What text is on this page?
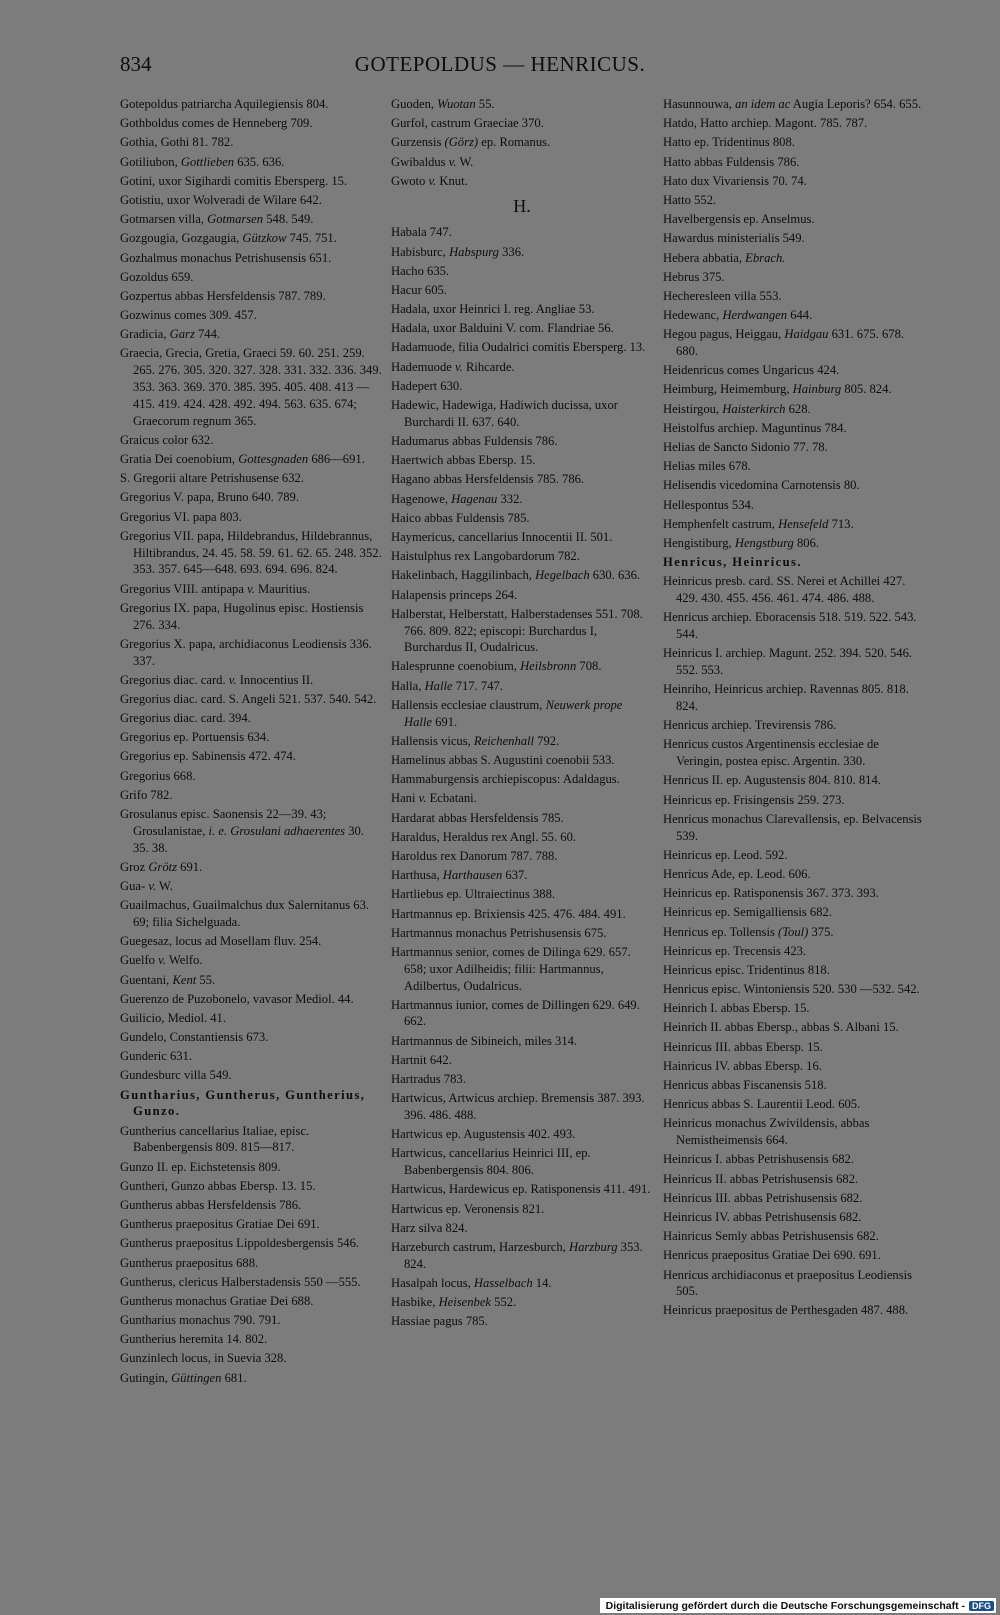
834	GOTEPOLDUS — HENRICUS.
Gotepoldus patriarcha Aquilegiensis 804.
Gothboldus comes de Henneberg 709.
Gothia, Gothi 81. 782.
Gotiliubon, Gottlieben 635. 636.
Gotini, uxor Sigihardi comitis Ebersperg. 15.
Gotistiu, uxor Wolveradi de Wilare 642.
Gotmarsen villa, Gotmarsen 548. 549.
Gozgougia, Gozgaugia, Gützkow 745. 751.
Gozhalmus monachus Petrishusensis 651.
Gozoldus 659.
Gozpertus abbas Hersfeldensis 787. 789.
Gozwinus comes 309. 457.
Gradicia, Garz 744.
Graecia, Grecia, Gretia, Graeci 59. 60. 251. 259. 265. 276. 305. 320. 327. 328. 331. 332. 336. 349. 353. 363. 369. 370. 385. 395. 405. 408. 413 —415. 419. 424. 428. 492. 494. 563. 635. 674; Graecorum regnum 365.
Graicus color 632.
Gratia Dei coenobium, Gottesgnaden 686—691.
S. Gregorii altare Petrishusense 632.
Gregorius V. papa, Bruno 640. 789.
Gregorius VI. papa 803.
Gregorius VII. papa, Hildebrandus, Hildebrannus, Hiltibrandus, 24. 45. 58. 59. 61. 62. 65. 248. 352. 353. 357. 645—648. 693. 694. 696. 824.
Gregorius VIII. antipapa v. Mauritius.
Gregorius IX. papa, Hugolinus episc. Hostiensis 276. 334.
Gregorius X. papa, archidiaconus Leodiensis 336. 337.
Gregorius diac. card. v. Innocentius II.
Gregorius diac. card. S. Angeli 521. 537. 540. 542.
Gregorius diac. card. 394.
Gregorius ep. Portuensis 634.
Gregorius ep. Sabinensis 472. 474.
Gregorius 668.
Grifo 782.
Grosulanus episc. Saonensis 22—39. 43; Grosulanistae, i. e. Grosulani adhaerentes 30. 35. 38.
Groz Grötz 691.
Gua- v. W.
Guailmachus, Guailmalchus dux Salernitanus 63. 69; filia Sichelguada.
Guegesaz, locus ad Mosellam fluv. 254.
Guelfo v. Welfo.
Guentani, Kent 55.
Guerenzo de Puzobonelo, vavasor Mediol. 44.
Guilicio, Mediol. 41.
Gundelo, Constantiensis 673.
Gunderic 631.
Gundesburc villa 549.
Guntharius, Guntherus, Guntherius, Gunzo.
Guntherius cancellarius Italiae, episc. Babenbergensis 809. 815—817.
Gunzo II. ep. Eichstetensis 809.
Guntheri, Gunzo abbas Ebersp. 13. 15.
Guntherus abbas Hersfeldensis 786.
Guntherus praepositus Gratiae Dei 691.
Guntherus praepositus Lippoldesbergensis 546.
Guntherus praepositus 688.
Guntherus, clericus Halberstadensis 550 —555.
Guntherus monachus Gratiae Dei 688.
Guntharius monachus 790. 791.
Guntherius heremita 14. 802.
Gunzinlech locus, in Suevia 328.
Gutingin, Güttingen 681.
Guoden, Wuotan 55.
Gurfol, castrum Graeciae 370.
Gurzensis (Görz) ep. Romanus.
Gwibaldus v. W.
Gwoto v. Knut.
H.
Habala 747.
Habisburc, Habspurg 336.
Hacho 635.
Hacur 605.
Hadala, uxor Heinrici I. reg. Angliae 53.
Hadala, uxor Balduini V. com. Flandriae 56.
Hadamuode, filia Oudalrici comitis Ebersperg. 13.
Hademuode v. Rihcarde.
Hadepert 630.
Hadewic, Hadewiga, Hadiwich ducissa, uxor Burchardi II. 637. 640.
Hadumarus abbas Fuldensis 786.
Haertwich abbas Ebersp. 15.
Hagano abbas Hersfeldensis 785. 786.
Hagenowe, Hagenau 332.
Haico abbas Fuldensis 785.
Haymericus, cancellarius Innocentii II. 501.
Haistulphus rex Langobardorum 782.
Hakelinbach, Haggilinbach, Hegelbach 630. 636.
Halapensis princeps 264.
Halberstat, Helberstatt, Halberstadenses 551. 708. 766. 809. 822; episcopi: Burchardus I, Burchardus II, Oudalricus.
Halesprunne coenobium, Heilsbronn 708.
Halla, Halle 717. 747.
Hallensis ecclesiae claustrum, Neuwerk prope Halle 691.
Hallensis vicus, Reichenhall 792.
Hamelinus abbas S. Augustini coenobii 533.
Hammaburgensis archiepiscopus: Adaldagus.
Hani v. Ecbatani.
Hardarat abbas Hersfeldensis 785.
Haraldus, Heraldus rex Angl. 55. 60.
Haroldus rex Danorum 787. 788.
Harthusa, Harthausen 637.
Hartliebus ep. Ultraiectinus 388.
Hartmannus ep. Brixiensis 425. 476. 484. 491.
Hartmannus monachus Petrishusensis 675.
Hartmannus senior, comes de Dilinga 629. 657. 658; uxor Adilheidis; filii: Hartmannus, Adilbertus, Oudalricus.
Hartmannus iunior, comes de Dillingen 629. 649. 662.
Hartmannus de Sibineich, miles 314.
Hartnit 642.
Hartradus 783.
Hartwicus, Artwicus archiep. Bremensis 387. 393. 396. 486. 488.
Hartwicus ep. Augustensis 402. 493.
Hartwicus, cancellarius Heinrici III, ep. Babenbergensis 804. 806.
Hartwicus, Hardewicus ep. Ratisponensis 411. 491.
Hartwicus ep. Veronensis 821.
Harz silva 824.
Harzeburch castrum, Harzesburch, Harzburg 353. 824.
Hasalpah locus, Hasselbach 14.
Hasbike, Heisenbek 552.
Hassiae pagus 785.
Hasunnouwa, an idem ac Augia Leporis? 654. 655.
Hatdo, Hatto archiep. Magont. 785. 787.
Hatto ep. Tridentinus 808.
Hatto abbas Fuldensis 786.
Hato dux Vivariensis 70. 74.
Hatto 552.
Havelbergensis ep. Anselmus.
Hawardus ministerialis 549.
Hebera abbatia, Ebrach.
Hebrus 375.
Hecheresleen villa 553.
Hedewanc, Herdwangen 644.
Hegou pagus, Heiggau, Haidgau 631. 675. 678. 680.
Heidenricus comes Ungaricus 424.
Heimburg, Heimemburg, Hainburg 805. 824.
Heistirgou, Haisterkirch 628.
Heistolfus archiep. Maguntinus 784.
Helias de Sancto Sidonio 77. 78.
Helias miles 678.
Helisendis vicedomina Carnotensis 80.
Hellespontus 534.
Hemphenfelt castrum, Hensefeld 713.
Hengistiburg, Hengstburg 806.
Henricus, Heinricus.
Heinricus presb. card. SS. Nerei et Achillei 427. 429. 430. 455. 456. 461. 474. 486. 488.
Henricus archiep. Eboracensis 518. 519. 522. 543. 544.
Heinricus I. archiep. Magunt. 252. 394. 520. 546. 552. 553.
Heinriho, Heinricus archiep. Ravennas 805. 818. 824.
Henricus archiep. Trevirensis 786.
Henricus custos Argentinensis ecclesiae de Veringin, postea episc. Argentin. 330.
Henricus II. ep. Augustensis 804. 810. 814.
Heinricus ep. Frisingensis 259. 273.
Henricus monachus Clarevallensis, ep. Belvacensis 539.
Heinricus ep. Leod. 592.
Henricus Ade, ep. Leod. 606.
Heinricus ep. Ratisponensis 367. 373. 393.
Heinricus ep. Semigalliensis 682.
Henricus ep. Tollensis (Toul) 375.
Heinricus ep. Trecensis 423.
Heinricus episc. Tridentinus 818.
Henricus episc. Wintoniensis 520. 530 —532. 542.
Heinrich I. abbas Ebersp. 15.
Heinrich II. abbas Ebersp., abbas S. Albani 15.
Heinricus III. abbas Ebersp. 15.
Hainricus IV. abbas Ebersp. 16.
Henricus abbas Fiscanensis 518.
Henricus abbas S. Laurentii Leod. 605.
Heinricus monachus Zwivildensis, abbas Nemistheimensis 664.
Heinricus I. abbas Petrishusensis 682.
Heinricus II. abbas Petrishusensis 682.
Heinricus III. abbas Petrishusensis 682.
Heinricus IV. abbas Petrishusensis 682.
Hainricus Semly abbas Petrishusensis 682.
Henricus praepositus Gratiae Dei 690. 691.
Henricus archidiaconus et praepositus Leodiensis 505.
Heinricus praepositus de Perthesgaden 487. 488.
Digitalisierung gefördert durch die Deutsche Forschungsgemeinschaft - DFG
